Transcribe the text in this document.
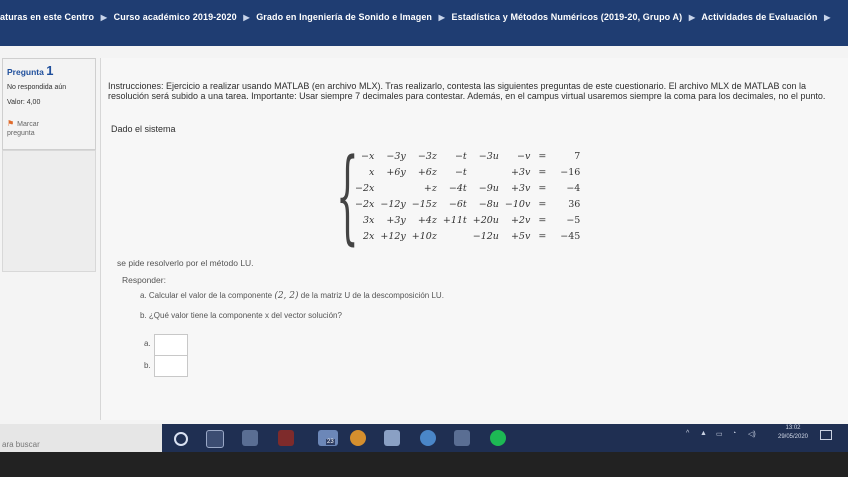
aturas en este Centro ▶ Curso académico 2019-2020 ▶ Grado en Ingeniería de Sonido e Imagen ▶ Estadística y Métodos Numéricos (2019-20, Grupo A) ▶ Actividades de Evaluación ▶
Pregunta 1
No respondida aún
Valor: 4,00
⚑ Marcar
pregunta
Instrucciones: Ejercicio a realizar usando MATLAB (en archivo MLX). Tras realizarlo, contesta las siguientes preguntas de este cuestionario. El archivo MLX de MATLAB con la resolución será subido a una tarea. Importante: Usar siempre 7 decimales para contestar. Además, en el campus virtual usaremos siempre la coma para los decimales, no el punto.
Dado el sistema
{ −x	−3y	−3z	−t	−3u	−v	=	7
x	+6y	+6z	−t		+3v	=	−16
−2x		+z	−4t	−9u	+3v	=	−4
−2x	−12y	−15z	−6t	−8u	−10v	=	36
3x	+3y	+4z	+11t	+20u	+2v	=	−5
2x	+12y	+10z		−12u	+5v	=	−45
se pide resolverlo por el método LU.
Responder:
a. Calcular el valor de la componente (2, 2) de la matriz U de la descomposición LU.
b. ¿Qué valor tiene la componente x del vector solución?
a.
b.
ara buscar	23
^ ▲ ▭ ◔ ◁)
13:02
29/05/2020
